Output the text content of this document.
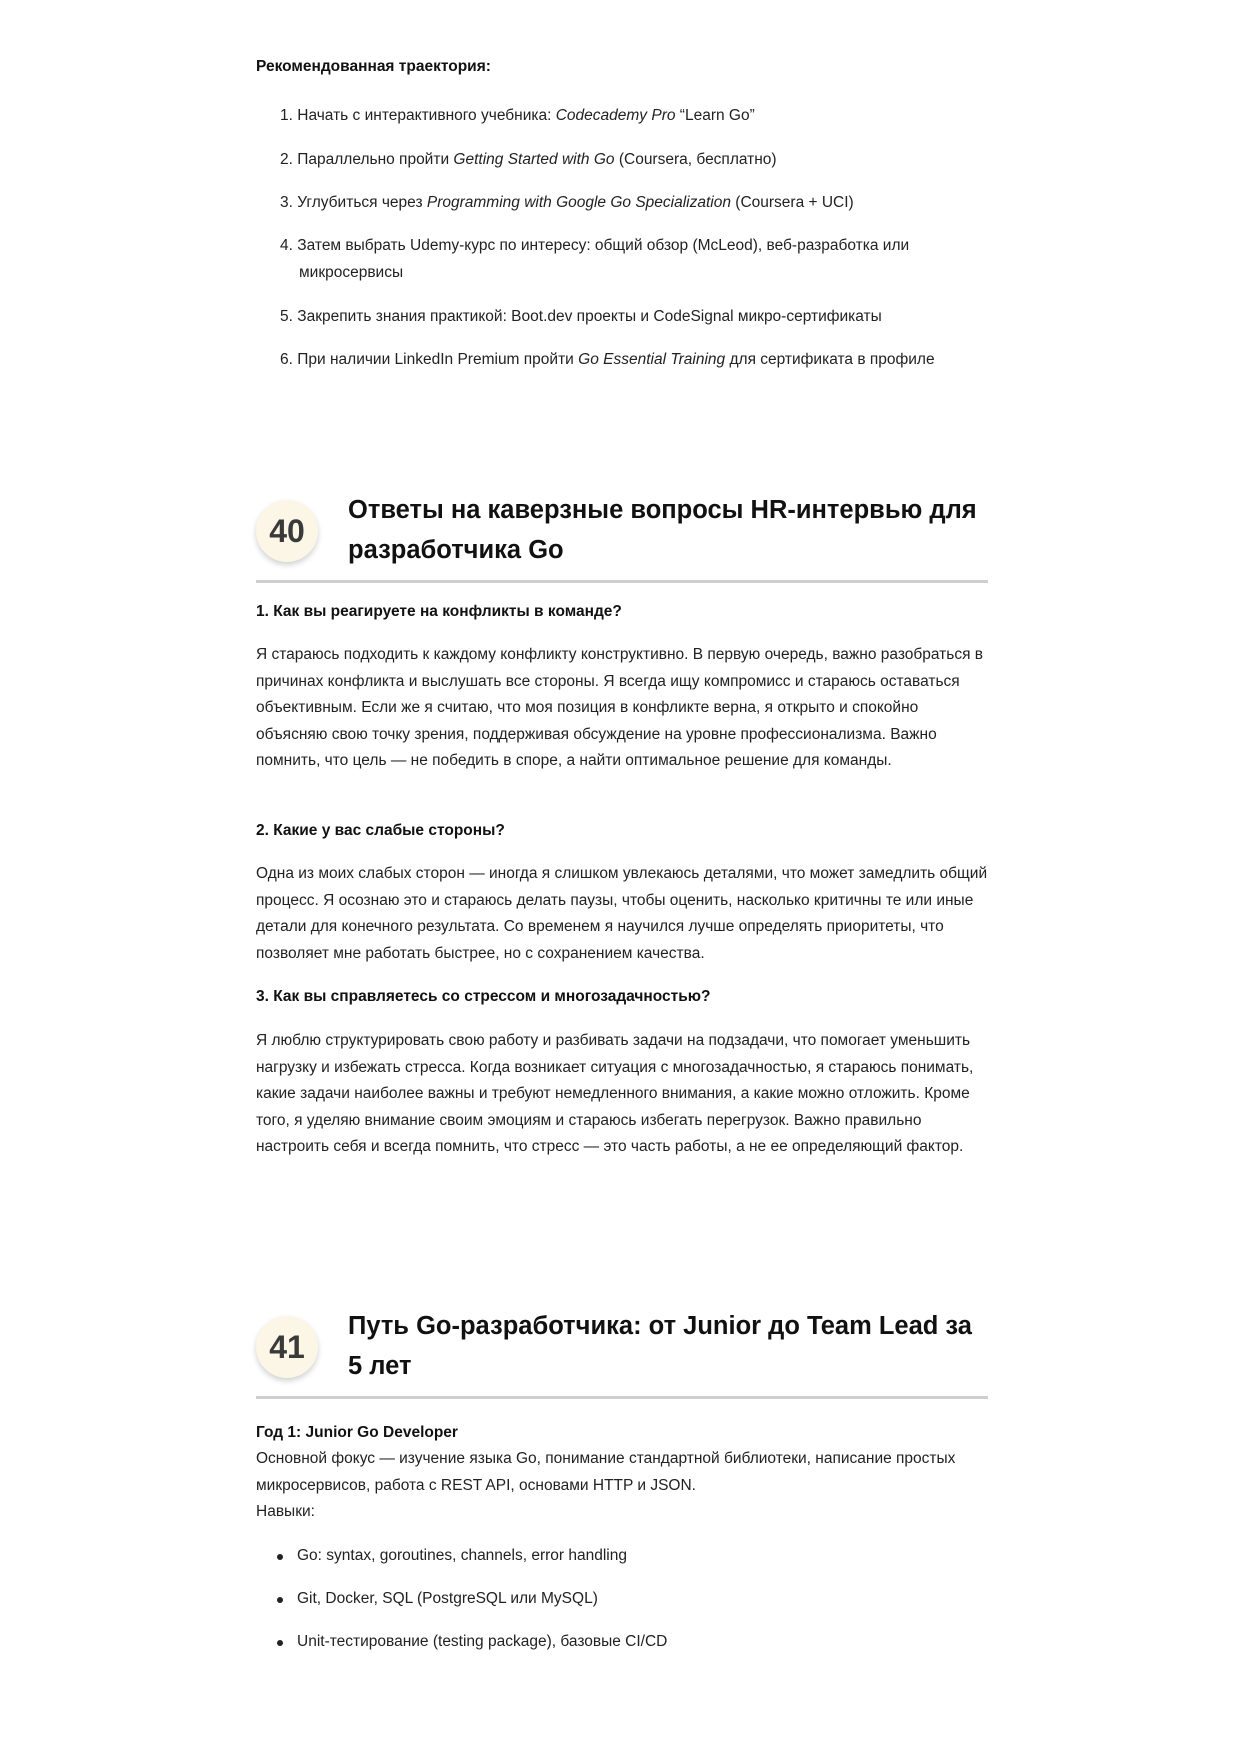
Рекомендованная траектория:
1. Начать с интерактивного учебника: Codecademy Pro “Learn Go”
2. Параллельно пройти Getting Started with Go (Coursera, бесплатно)
3. Углубиться через Programming with Google Go Specialization (Coursera + UCI)
4. Затем выбрать Udemy-курс по интересу: общий обзор (McLeod), веб-разработка или микросервисы
5. Закрепить знания практикой: Boot.dev проекты и CodeSignal микро-сертификаты
6. При наличии LinkedIn Premium пройти Go Essential Training для сертификата в профиле
40
Ответы на каверзные вопросы HR-интервью для разработчика Go
1. Как вы реагируете на конфликты в команде?

Я стараюсь подходить к каждому конфликту конструктивно. В первую очередь, важно разобраться в причинах конфликта и выслушать все стороны. Я всегда ищу компромисс и стараюсь оставаться объективным. Если же я считаю, что моя позиция в конфликте верна, я открыто и спокойно объясняю свою точку зрения, поддерживая обсуждение на уровне профессионализма. Важно помнить, что цель — не победить в споре, а найти оптимальное решение для команды.

2. Какие у вас слабые стороны?

Одна из моих слабых сторон — иногда я слишком увлекаюсь деталями, что может замедлить общий процесс. Я осознаю это и стараюсь делать паузы, чтобы оценить, насколько критичны те или иные детали для конечного результата. Со временем я научился лучше определять приоритеты, что позволяет мне работать быстрее, но с сохранением качества.

3. Как вы справляетесь со стрессом и многозадачностью?

Я люблю структурировать свою работу и разбивать задачи на подзадачи, что помогает уменьшить нагрузку и избежать стресса. Когда возникает ситуация с многозадачностью, я стараюсь понимать, какие задачи наиболее важны и требуют немедленного внимания, а какие можно отложить. Кроме того, я уделяю внимание своим эмоциям и стараюсь избегать перегрузок. Важно правильно настроить себя и всегда помнить, что стресс — это часть работы, а не ее определяющий фактор.

41
Путь Go-разработчика: от Junior до Team Lead за 5 лет
Год 1: Junior Go Developer

Основной фокус — изучение языка Go, понимание стандартной библиотеки, написание простых микросервисов, работа с REST API, основами HTTP и JSON.

Навыки:
Go: syntax, goroutines, channels, error handling
Git, Docker, SQL (PostgreSQL или MySQL)
Unit-тестирование (testing package), базовые CI/CD
